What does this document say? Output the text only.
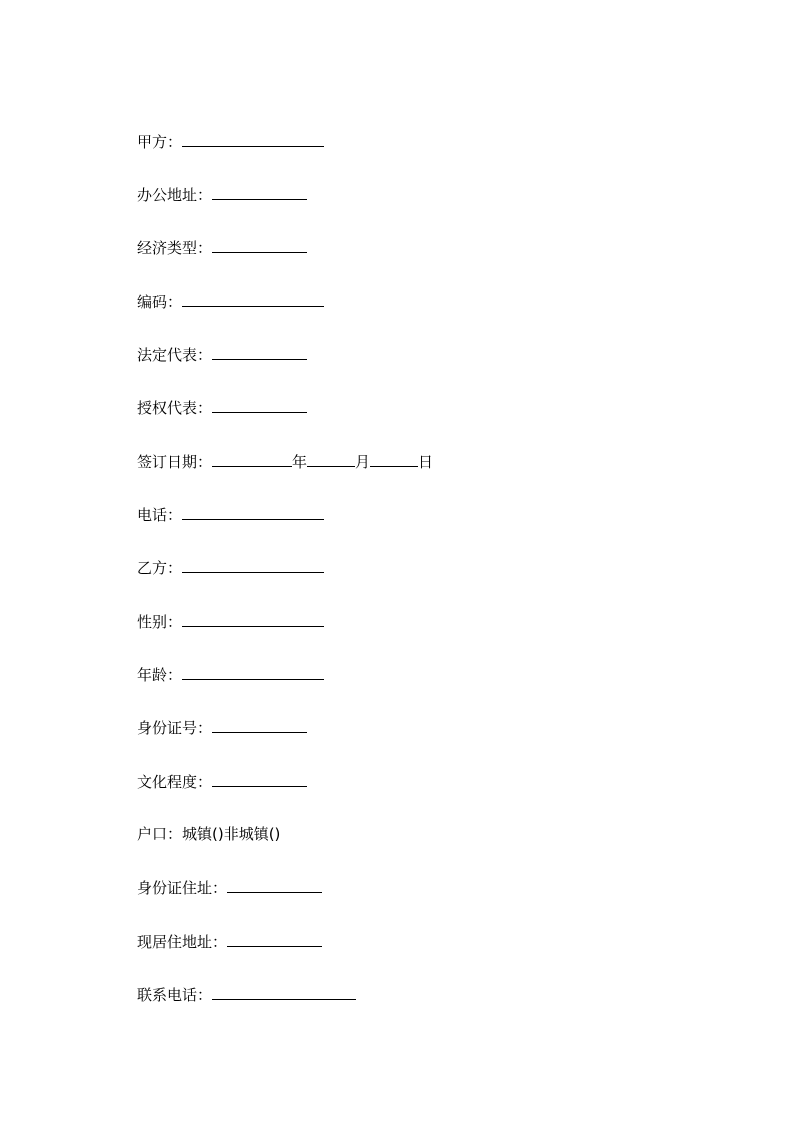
甲方：
办公地址：
经济类型：
编码：
法定代表：
授权代表：
签订日期：	年	月	日
电话：
乙方：
性别：
年龄：
身份证号：
文化程度：
户口：城镇()非城镇()
身份证住址：
现居住地址：
联系电话：
